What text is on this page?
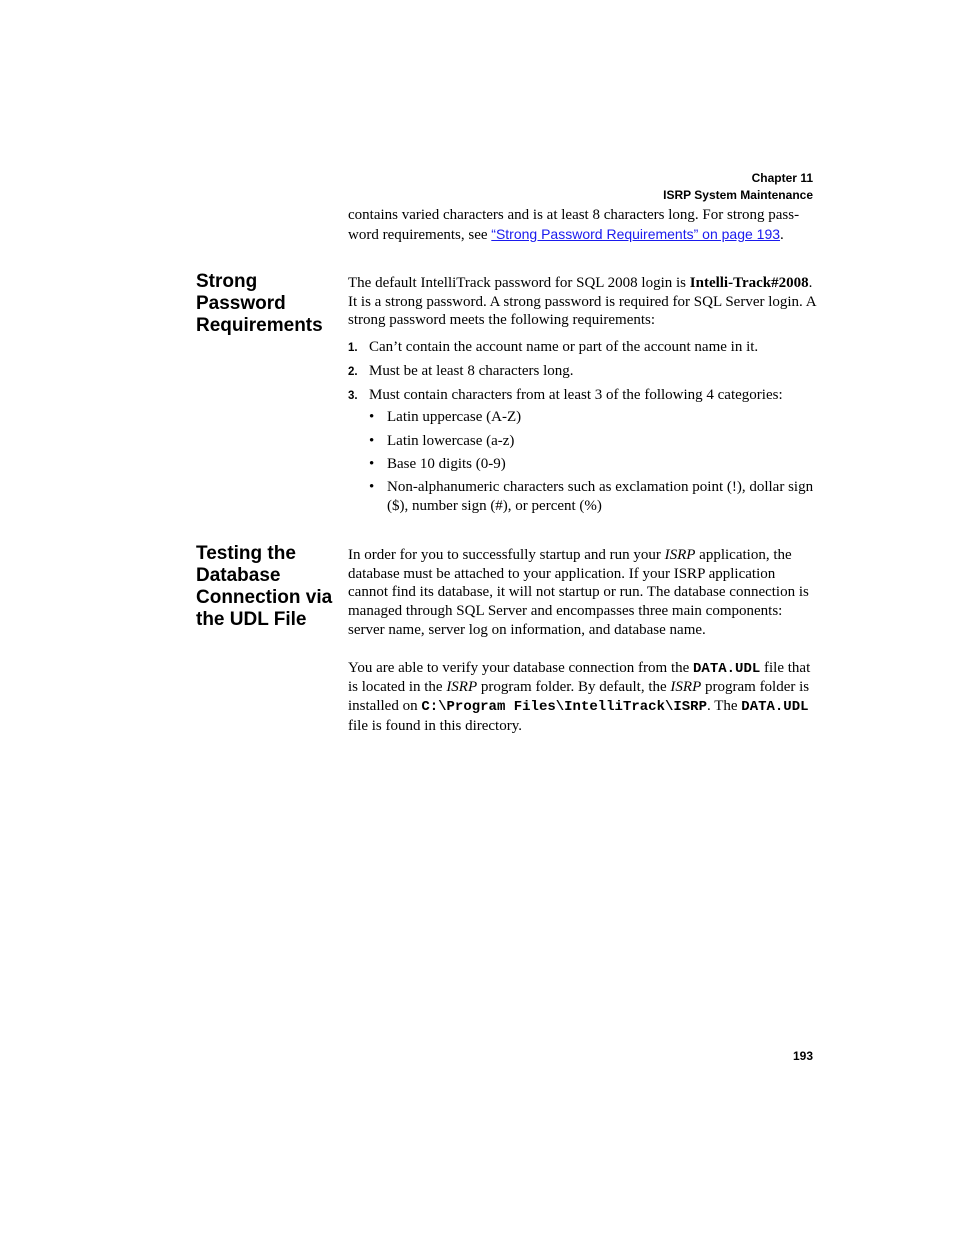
Chapter 11
ISRP System Maintenance

contains varied characters and is at least 8 characters long. For strong pass-word requirements, see “Strong Password Requirements” on page 193.

Strong Password Requirements

The default IntelliTrack password for SQL 2008 login is Intelli-Track#2008. It is a strong password. A strong password is required for SQL Server login. A strong password meets the following requirements:

1. Can’t contain the account name or part of the account name in it.
2. Must be at least 8 characters long.
3. Must contain characters from at least 3 of the following 4 categories:
• Latin uppercase (A-Z)
• Latin lowercase (a-z)
• Base 10 digits (0-9)
• Non-alphanumeric characters such as exclamation point (!), dollar sign ($), number sign (#), or percent (%)
Testing the Database Connection via the UDL File

In order for you to successfully startup and run your ISRP application, the database must be attached to your application. If your ISRP application cannot find its database, it will not startup or run. The database connection is managed through SQL Server and encompasses three main components: server name, server log on information, and database name.

You are able to verify your database connection from the DATA.UDL file that is located in the ISRP program folder. By default, the ISRP program folder is installed on C:\Program Files\IntelliTrack\ISRP. The DATA.UDL file is found in this directory.

193
